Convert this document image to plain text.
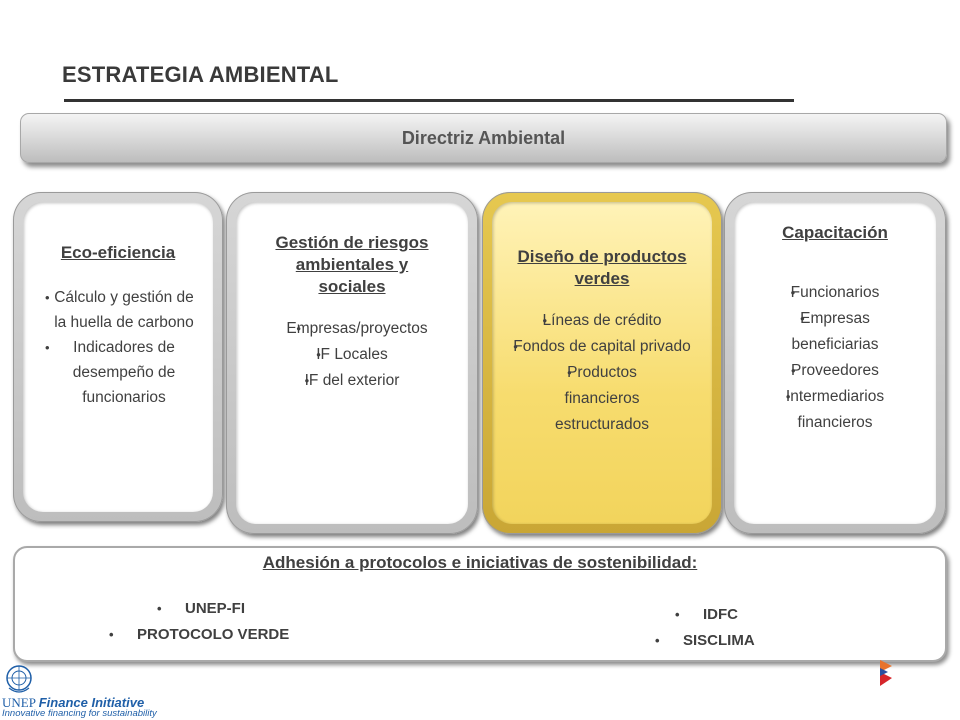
ESTRATEGIA AMBIENTAL
Directriz Ambiental
Eco-eficiencia
• Cálculo y gestión de la huella de carbono
• Indicadores de desempeño de funcionarios
Gestión de riesgos ambientales y sociales
• Empresas/proyectos
• IF Locales
• IF del exterior
Diseño de productos verdes
• Líneas de crédito
• Fondos de capital privado
• Productos financieros estructurados
Capacitación
• Funcionarios
• Empresas beneficiarias
• Proveedores
• Intermediarios financieros
Adhesión a protocolos e iniciativas de sostenibilidad:
• UNEP-FI
• PROTOCOLO VERDE
• IDFC
• SISCLIMA
UNEP Finance Initiative
Innovative financing for sustainability
